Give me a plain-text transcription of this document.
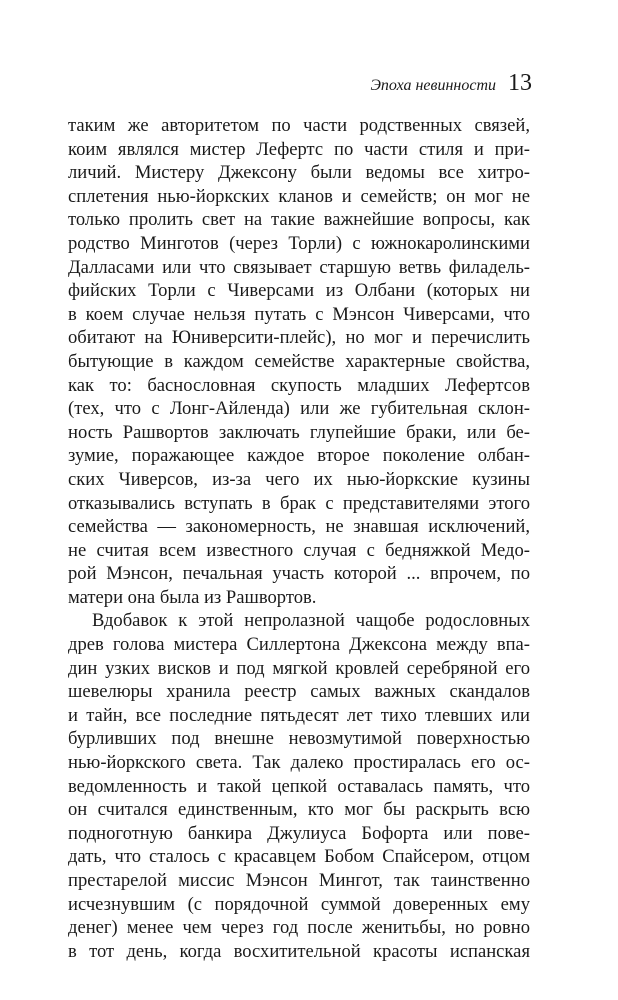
Эпоха невинности 13
таким же авторитетом по части родственных связей,
коим являлся мистер Лефертс по части стиля и при-
личий. Мистеру Джексону были ведомы все хитро-
сплетения нью-йоркских кланов и семейств; он мог не
только пролить свет на такие важнейшие вопросы, как
родство Минготов (через Торли) с южнокаролинскими
Далласами или что связывает старшую ветвь филадель-
фийских Торли с Чиверсами из Олбани (которых ни
в коем случае нельзя путать с Мэнсон Чиверсами, что
обитают на Юниверсити-плейс), но мог и перечислить
бытующие в каждом семействе характерные свойства,
как то: баснословная скупость младших Лефертсов
(тех, что с Лонг-Айленда) или же губительная склон-
ность Рашвортов заключать глупейшие браки, или бе-
зумие, поражающее каждое второе поколение олбан-
ских Чиверсов, из-за чего их нью-йоркские кузины
отказывались вступать в брак с представителями этого
семейства — закономерность, не знавшая исключений,
не считая всем известного случая с бедняжкой Медо-
рой Мэнсон, печальная участь которой ... впрочем, по
матери она была из Рашвортов.
Вдобавок к этой непролазной чащобе родословных
древ голова мистера Силлертона Джексона между впа-
дин узких висков и под мягкой кровлей серебряной его
шевелюры хранила реестр самых важных скандалов
и тайн, все последние пятьдесят лет тихо тлевших или
бурливших под внешне невозмутимой поверхностью
нью-йоркского света. Так далеко простиралась его ос-
ведомленность и такой цепкой оставалась память, что
он считался единственным, кто мог бы раскрыть всю
подноготную банкира Джулиуса Бофорта или пове-
дать, что сталось с красавцем Бобом Спайсером, отцом
престарелой миссис Мэнсон Мингот, так таинственно
исчезнувшим (с порядочной суммой доверенных ему
денег) менее чем через год после женитьбы, но ровно
в тот день, когда восхитительной красоты испанская
